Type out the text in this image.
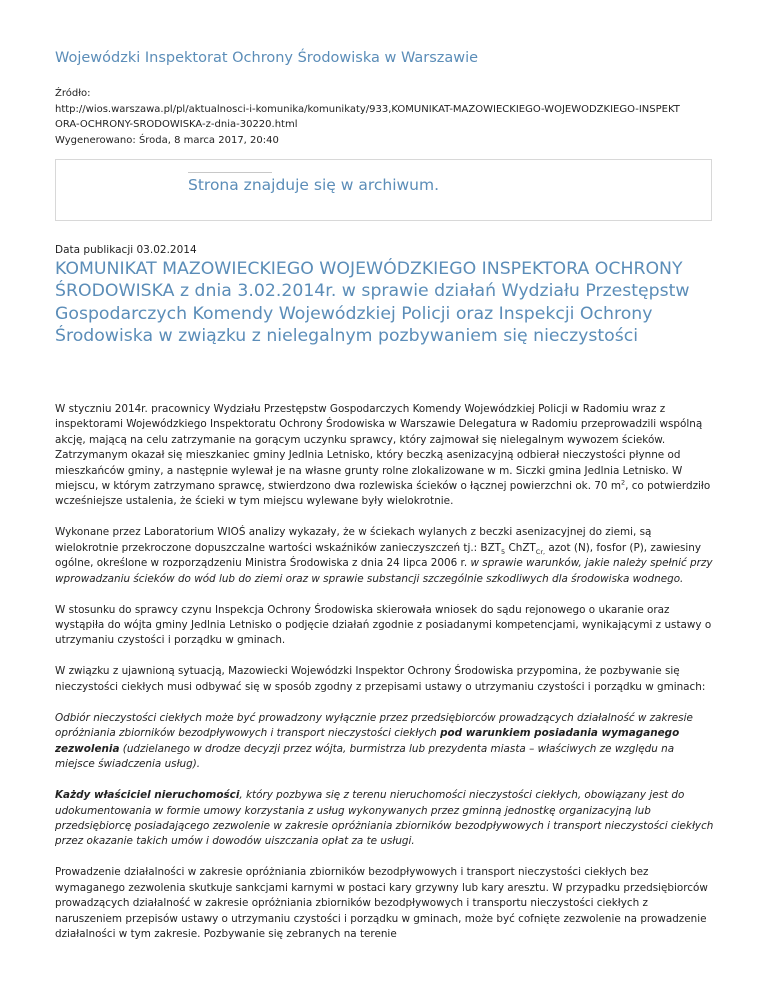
Wojewódzki Inspektorat Ochrony Środowiska w Warszawie
Źródło:
http://wios.warszawa.pl/pl/aktualnosci-i-komunika/komunikaty/933,KOMUNIKAT-MAZOWIECKIEGO-WOJEWODZKIEGO-INSPEKT
ORA-OCHRONY-SRODOWISKA-z-dnia-30220.html
Wygenerowano: Środa, 8 marca 2017, 20:40
Strona znajduje się w archiwum.
Data publikacji 03.02.2014
KOMUNIKAT MAZOWIECKIEGO WOJEWÓDZKIEGO INSPEKTORA OCHRONY ŚRODOWISKA z dnia 3.02.2014r. w sprawie działań Wydziału Przestępstw Gospodarczych Komendy Wojewódzkiej Policji oraz Inspekcji Ochrony Środowiska w związku z nielegalnym pozbywaniem się nieczystości

W styczniu 2014r. pracownicy Wydziału Przestępstw Gospodarczych Komendy Wojewódzkiej Policji w Radomiu wraz z inspektorami Wojewódzkiego Inspektoratu Ochrony Środowiska w Warszawie Delegatura w Radomiu przeprowadzili wspólną akcję, mającą na celu zatrzymanie na gorącym uczynku sprawcy, który zajmował się nielegalnym wywozem ścieków. Zatrzymanym okazał się mieszkaniec gminy Jedlnia Letnisko, który beczką asenizacyjną odbierał nieczystości płynne od mieszkańców gminy, a następnie wylewał je na własne grunty rolne zlokalizowane w m. Siczki gmina Jedlnia Letnisko. W miejscu, w którym zatrzymano sprawcę, stwierdzono dwa rozlewiska ścieków o łącznej powierzchni ok. 70 $m^2$, co potwierdziło wcześniejsze ustalenia, że ścieki w tym miejscu wylewane były wielokrotnie.

Wykonane przez Laboratorium WIOŚ analizy wykazały, że w ściekach wylanych z beczki asenizacyjnej do ziemi, są wielokrotnie przekroczone dopuszczalne wartości wskaźników zanieczyszczeń tj.: $BZT_5$ ChZT$_{Cr,}$ azot (N), fosfor (P), zawiesiny ogólne, określone w rozporządzeniu Ministra Środowiska z dnia 24 lipca 2006 r. w sprawie warunków, jakie należy spełnić przy wprowadzaniu ścieków do wód lub do ziemi oraz w sprawie substancji szczególnie szkodliwych dla środowiska wodnego.

W stosunku do sprawcy czynu Inspekcja Ochrony Środowiska skierowała wniosek do sądu rejonowego o ukaranie oraz wystąpiła do wójta gminy Jedlnia Letnisko o podjęcie działań zgodnie z posiadanymi kompetencjami, wynikającymi z ustawy o utrzymaniu czystości i porządku w gminach.

W związku z ujawnioną sytuacją, Mazowiecki Wojewódzki Inspektor Ochrony Środowiska przypomina, że pozbywanie się nieczystości ciekłych musi odbywać się w sposób zgodny z przepisami ustawy o utrzymaniu czystości i porządku w gminach:

Odbiór nieczystości ciekłych może być prowadzony wyłącznie przez przedsiębiorców prowadzących działalność w zakresie opróżniania zbiorników bezodpływowych i transport nieczystości ciekłych pod warunkiem posiadania wymaganego zezwolenia (udzielanego w drodze decyzji przez wójta, burmistrza lub prezydenta miasta – właściwych ze względu na miejsce świadczenia usług).

Każdy właściciel nieruchomości, który pozbywa się z terenu nieruchomości nieczystości ciekłych, obowiązany jest do udokumentowania w formie umowy korzystania z usług wykonywanych przez gminną jednostkę organizacyjną lub przedsiębiorcę posiadającego zezwolenie w zakresie opróżniania zbiorników bezodpływowych i transport nieczystości ciekłych przez okazanie takich umów i dowodów uiszczania opłat za te usługi.

Prowadzenie działalności w zakresie opróżniania zbiorników bezodpływowych i transport nieczystości ciekłych bez wymaganego zezwolenia skutkuje sankcjami karnymi w postaci kary grzywny lub kary aresztu. W przypadku przedsiębiorców prowadzących działalność w zakresie opróżniania zbiorników bezodpływowych i transportu nieczystości ciekłych z naruszeniem przepisów ustawy o utrzymaniu czystości i porządku w gminach, może być cofnięte zezwolenie na prowadzenie działalności w tym zakresie. Pozbywanie się zebranych na terenie
